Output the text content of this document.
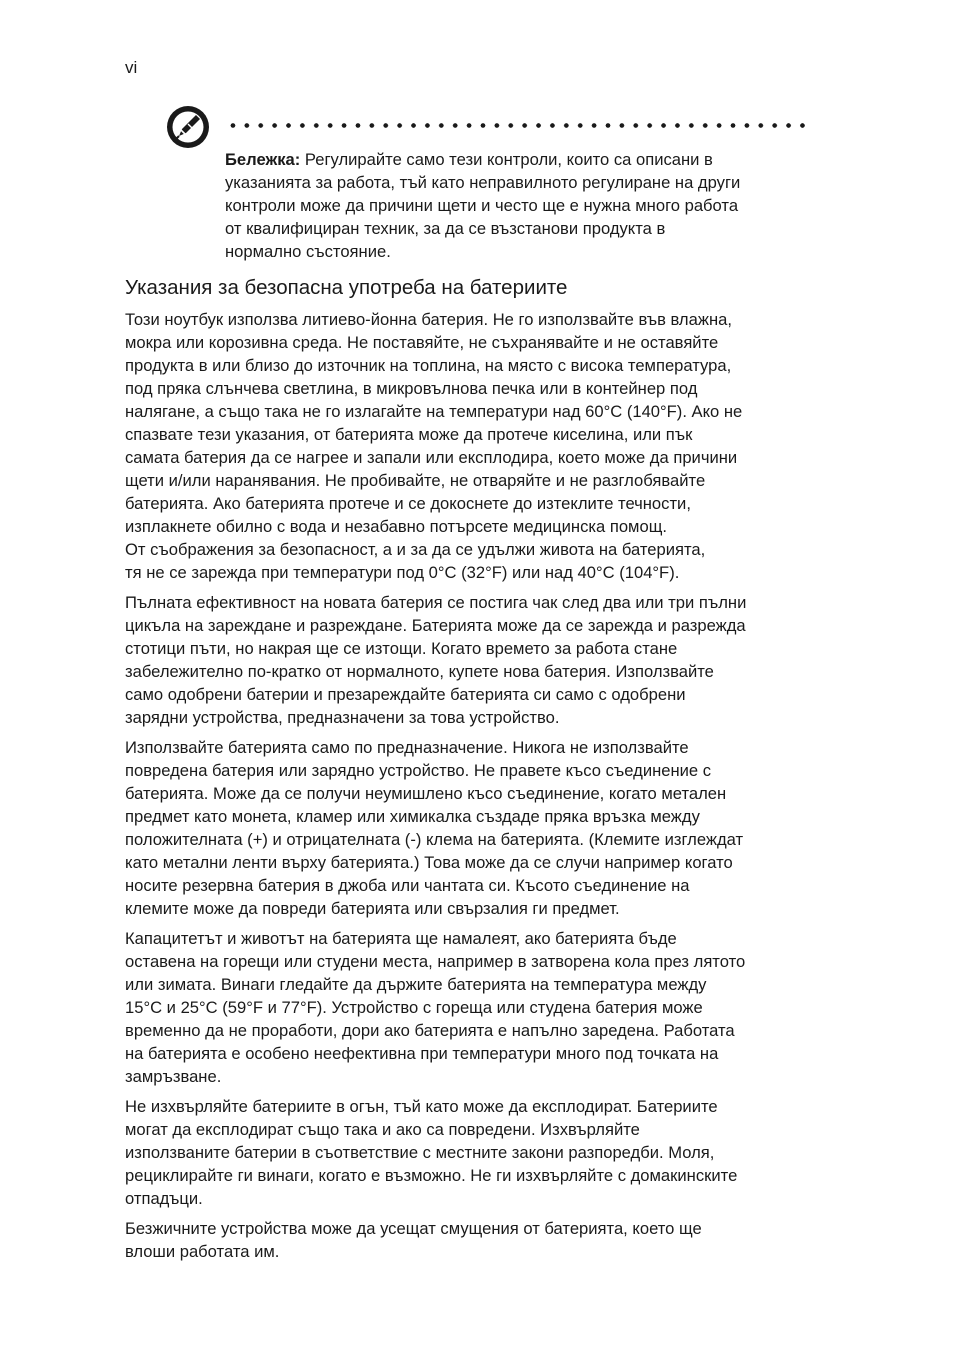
vi
Бележка: Регулирайте само тези контроли, които са описани в
указанията за работа, тъй като неправилното регулиране на други
контроли може да причини щети и често ще е нужна много работа
от квалифициран техник, за да се възстанови продукта в
нормално състояние.
Указания за безопасна употреба на батериите

Този ноутбук използва литиево-йонна батерия. Не го използвайте във влажна,
мокра или корозивна среда. Не поставяйте, не съхранявайте и не оставяйте
продукта в или близо до източник на топлина, на място с висока температура,
под пряка слънчева светлина, в микровълнова печка или в контейнер под
налягане, а също така не го излагайте на температури над 60°C (140°F). Ако не
спазвате тези указания, от батерията може да протече киселина, или пък
самата батерия да се нагрее и запали или експлодира, което може да причини
щети и/или наранявания. Не пробивайте, не отваряйте и не разглобявайте
батерията. Ако батерията протече и се докоснете до изтеклите течности,
изплакнете обилно с вода и незабавно потърсете медицинска помощ.
От съображения за безопасност, а и за да се удължи живота на батерията,
тя не се зарежда при температури под 0°C (32°F) или над 40°C (104°F).

Пълната ефективност на новата батерия се постига чак след два или три пълни
цикъла на зареждане и разреждане. Батерията може да се зарежда и разрежда
стотици пъти, но накрая ще се изтощи. Когато времето за работа стане
забележително по-кратко от нормалното, купете нова батерия. Използвайте
само одобрени батерии и презареждайте батерията си само с одобрени
зарядни устройства, предназначени за това устройство.

Използвайте батерията само по предназначение. Никога не използвайте
повредена батерия или зарядно устройство. Не правете късо съединение с
батерията. Може да се получи неумишлено късо съединение, когато метален
предмет като монета, кламер или химикалка създаде пряка връзка между
положителната (+) и отрицателната (-) клема на батерията. (Клемите изглеждат
като метални ленти върху батерията.) Това може да се случи например когато
носите резервна батерия в джоба или чантата си. Късото съединение на
клемите може да повреди батерията или свързалия ги предмет.

Капацитетът и животът на батерията ще намалеят, ако батерията бъде
оставена на горещи или студени места, например в затворена кола през лятото
или зимата. Винаги гледайте да държите батерията на температура между
15°C и 25°C (59°F и 77°F). Устройство с гореща или студена батерия може
временно да не проработи, дори ако батерията е напълно заредена. Работата
на батерията е особено неефективна при температури много под точката на
замръзване.

Не изхвърляйте батериите в огън, тъй като може да експлодират. Батериите
могат да експлодират също така и ако са повредени. Изхвърляйте
използваните батерии в съответствие с местните закони разпоредби. Моля,
рециклирайте ги винаги, когато е възможно. Не ги изхвърляйте с домакинските
отпадъци.

Безжичните устройства може да усещат смущения от батерията, което ще
влоши работата им.
